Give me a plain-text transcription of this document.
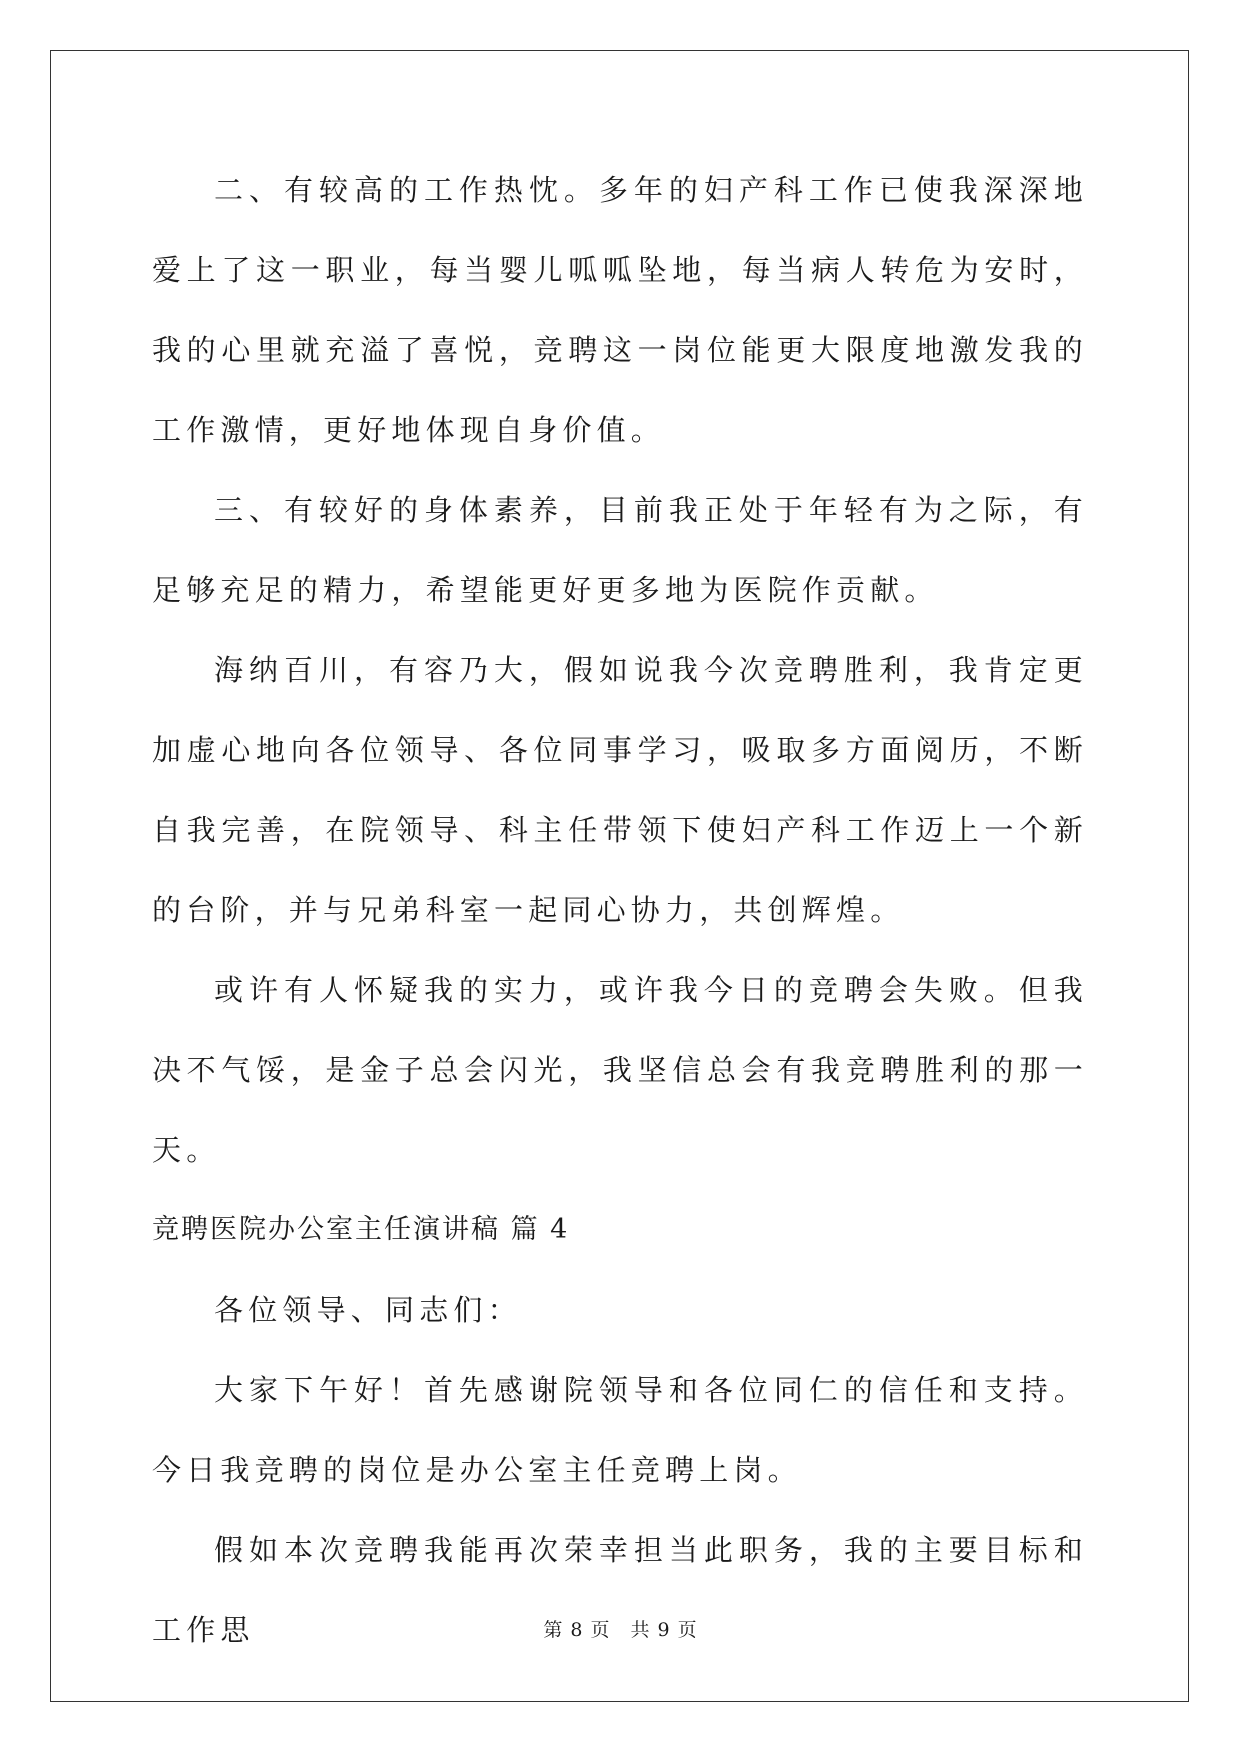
二、有较高的工作热忱。多年的妇产科工作已使我深深地爱上了这一职业，每当婴儿呱呱坠地，每当病人转危为安时，我的心里就充溢了喜悦，竞聘这一岗位能更大限度地激发我的工作激情，更好地体现自身价值。

三、有较好的身体素养，目前我正处于年轻有为之际，有足够充足的精力，希望能更好更多地为医院作贡献。

海纳百川，有容乃大，假如说我今次竞聘胜利，我肯定更加虚心地向各位领导、各位同事学习，吸取多方面阅历，不断自我完善，在院领导、科主任带领下使妇产科工作迈上一个新的台阶，并与兄弟科室一起同心协力，共创辉煌。

或许有人怀疑我的实力，或许我今日的竞聘会失败。但我决不气馁，是金子总会闪光，我坚信总会有我竞聘胜利的那一天。

竞聘医院办公室主任演讲稿 篇 4

各位领导、同志们：

大家下午好！首先感谢院领导和各位同仁的信任和支持。今日我竞聘的岗位是办公室主任竞聘上岗。

假如本次竞聘我能再次荣幸担当此职务，我的主要目标和工作思	第 8 页　共 9 页
